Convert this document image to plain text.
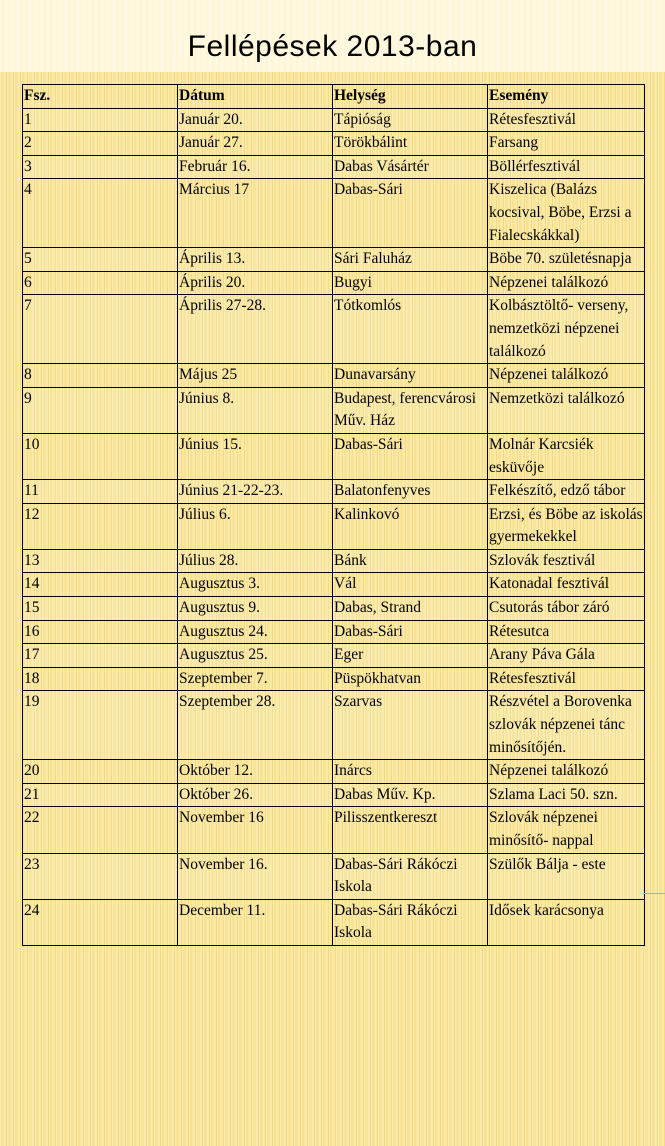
Fellépések 2013-ban
Fsz.	Dátum	Helység	Esemény
1	Január 20.	Tápióság	Rétesfesztivál
2	Január 27.	Törökbálint	Farsang
3	Február 16.	Dabas Vásártér	Böllérfesztivál
4	Március 17	Dabas-Sári	Kiszelica (Balázs kocsival, Böbe, Erzsi a Fialecskákkal)
5	Április 13.	Sári Faluház	Böbe 70. születésnapja
6	Április 20.	Bugyi	Népzenei találkozó
7	Április 27-28.	Tótkomlós	Kolbásztöltő- verseny, nemzetközi népzenei találkozó
8	Május 25	Dunavarsány	Népzenei találkozó
9	Június 8.	Budapest, ferencvárosi Műv. Ház	Nemzetközi találkozó
10	Június 15.	Dabas-Sári	Molnár Karcsiék esküvője
11	Június 21-22-23.	Balatonfenyves	Felkészítő, edző tábor
12	Július 6.	Kalinkovó	Erzsi, és Böbe az iskolás gyermekekkel
13	Július 28.	Bánk	Szlovák fesztivál
14	Augusztus 3.	Vál	Katonadal fesztivál
15	Augusztus 9.	Dabas, Strand	Csutorás tábor záró
16	Augusztus 24.	Dabas-Sári	Rétesutca
17	Augusztus 25.	Eger	Arany Páva Gála
18	Szeptember 7.	Püspökhatvan	Rétesfesztivál
19	Szeptember 28.	Szarvas	Részvétel a Borovenka szlovák népzenei tánc minősítőjén.
20	Október 12.	Inárcs	Népzenei találkozó
21	Október 26.	Dabas Műv. Kp.	Szlama Laci 50. szn.
22	November 16	Pilisszentkereszt	Szlovák népzenei minősítő- nappal
23	November 16.	Dabas-Sári Rákóczi Iskola	Szülők Bálja - este
24	December 11.	Dabas-Sári Rákóczi Iskola	Idősek karácsonya
